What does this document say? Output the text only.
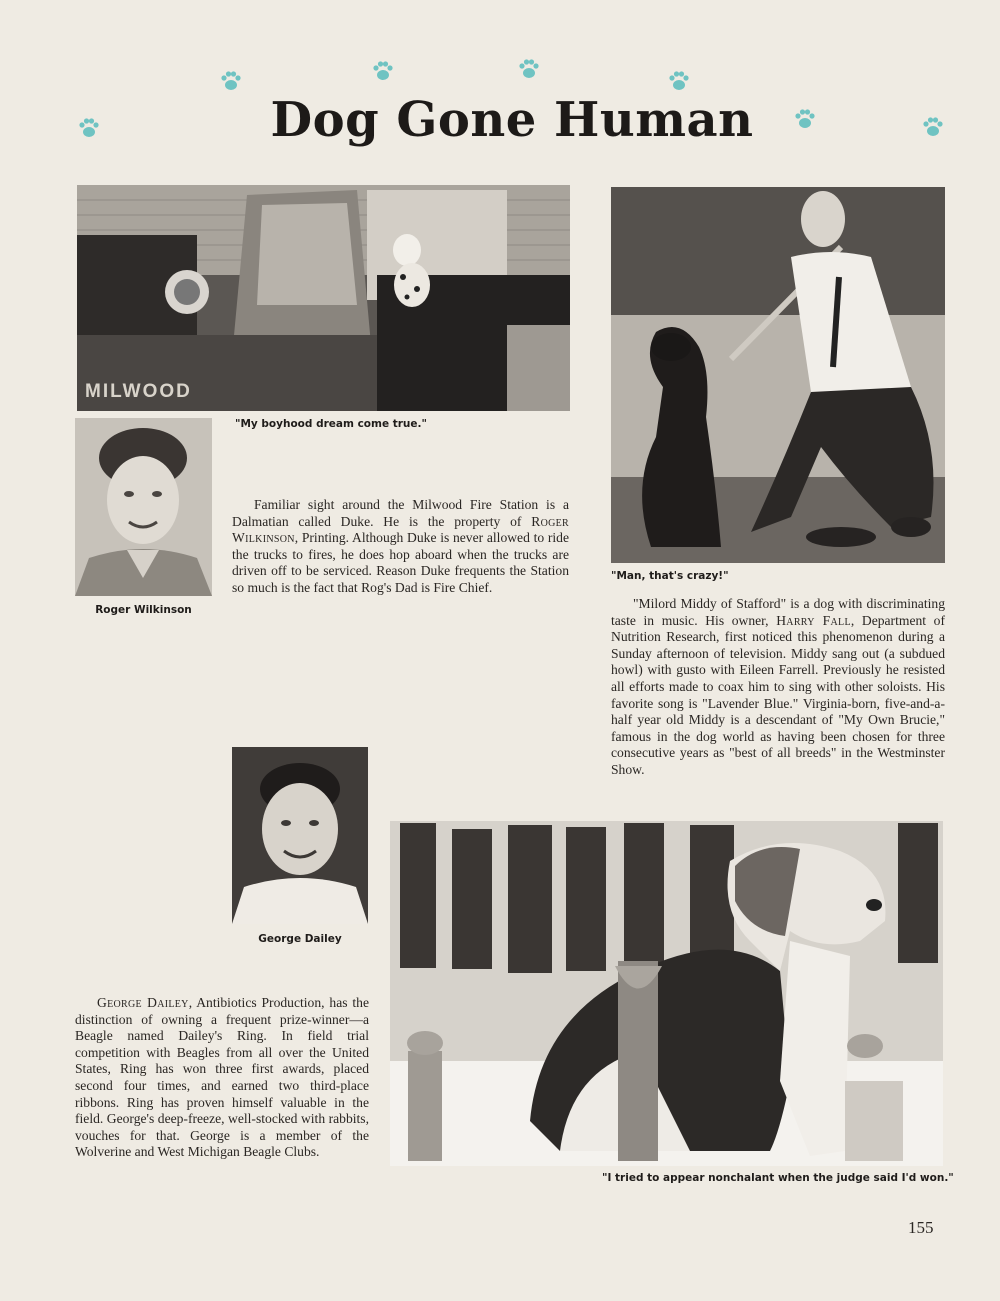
Dog Gone Human
MILWOOD
"My boyhood dream come true."
Roger Wilkinson

Familiar sight around the Milwood Fire Station is a Dalmatian called Duke. He is the property of Roger Wilkinson, Printing. Although Duke is never allowed to ride the trucks to fires, he does hop aboard when the trucks are driven off to be serviced. Reason Duke frequents the Station so much is the fact that Rog's Dad is Fire Chief.

"Man, that's crazy!"

"Milord Middy of Stafford" is a dog with discriminating taste in music. His owner, Harry Fall, Department of Nutrition Research, first noticed this phenomenon during a Sunday afternoon of television. Middy sang out (a subdued howl) with gusto with Eileen Farrell. Previously he resisted all efforts made to coax him to sing with other soloists. His favorite song is "Lavender Blue." Virginia-born, five-and-a-half year old Middy is a descendant of "My Own Brucie," famous in the dog world as having been chosen for three consecutive years as "best of all breeds" in the Westminster Show.

George Dailey

George Dailey, Antibiotics Production, has the distinction of owning a frequent prize-winner—a Beagle named Dailey's Ring. In field trial competition with Beagles from all over the United States, Ring has won three first awards, placed second four times, and earned two third-place ribbons. Ring has proven himself valuable in the field. George's deep-freeze, well-stocked with rabbits, vouches for that. George is a member of the Wolverine and West Michigan Beagle Clubs.

"I tried to appear nonchalant when the judge said I'd won."
155
